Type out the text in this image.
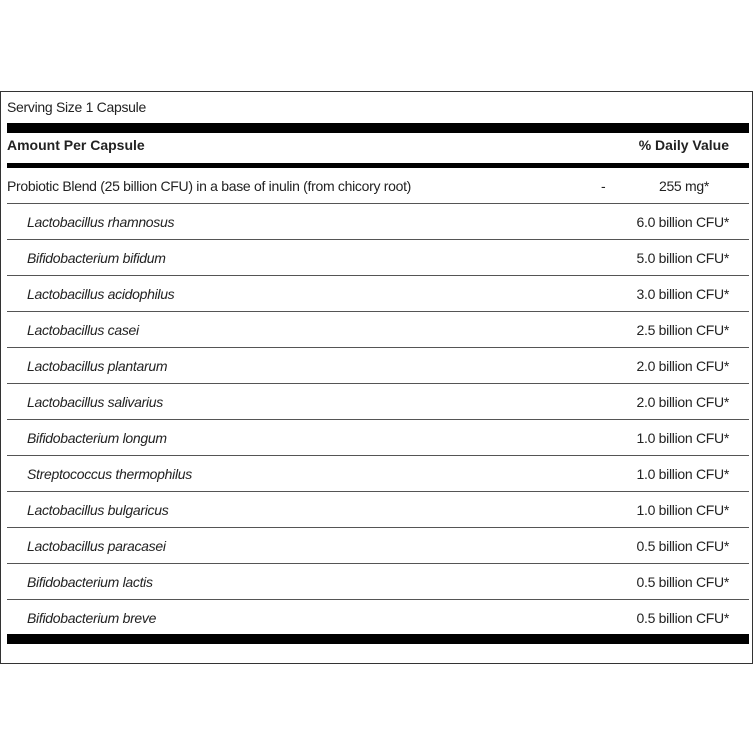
Serving Size 1 Capsule
Amount Per Capsule	% Daily Value
Probiotic Blend (25 billion CFU) in a base of inulin (from chicory root)	-	255 mg*
Lactobacillus rhamnosus	6.0 billion CFU*
Bifidobacterium bifidum	5.0 billion CFU*
Lactobacillus acidophilus	3.0 billion CFU*
Lactobacillus casei	2.5 billion CFU*
Lactobacillus plantarum	2.0 billion CFU*
Lactobacillus salivarius	2.0 billion CFU*
Bifidobacterium longum	1.0 billion CFU*
Streptococcus thermophilus	1.0 billion CFU*
Lactobacillus bulgaricus	1.0 billion CFU*
Lactobacillus paracasei	0.5 billion CFU*
Bifidobacterium lactis	0.5 billion CFU*
Bifidobacterium breve	0.5 billion CFU*
